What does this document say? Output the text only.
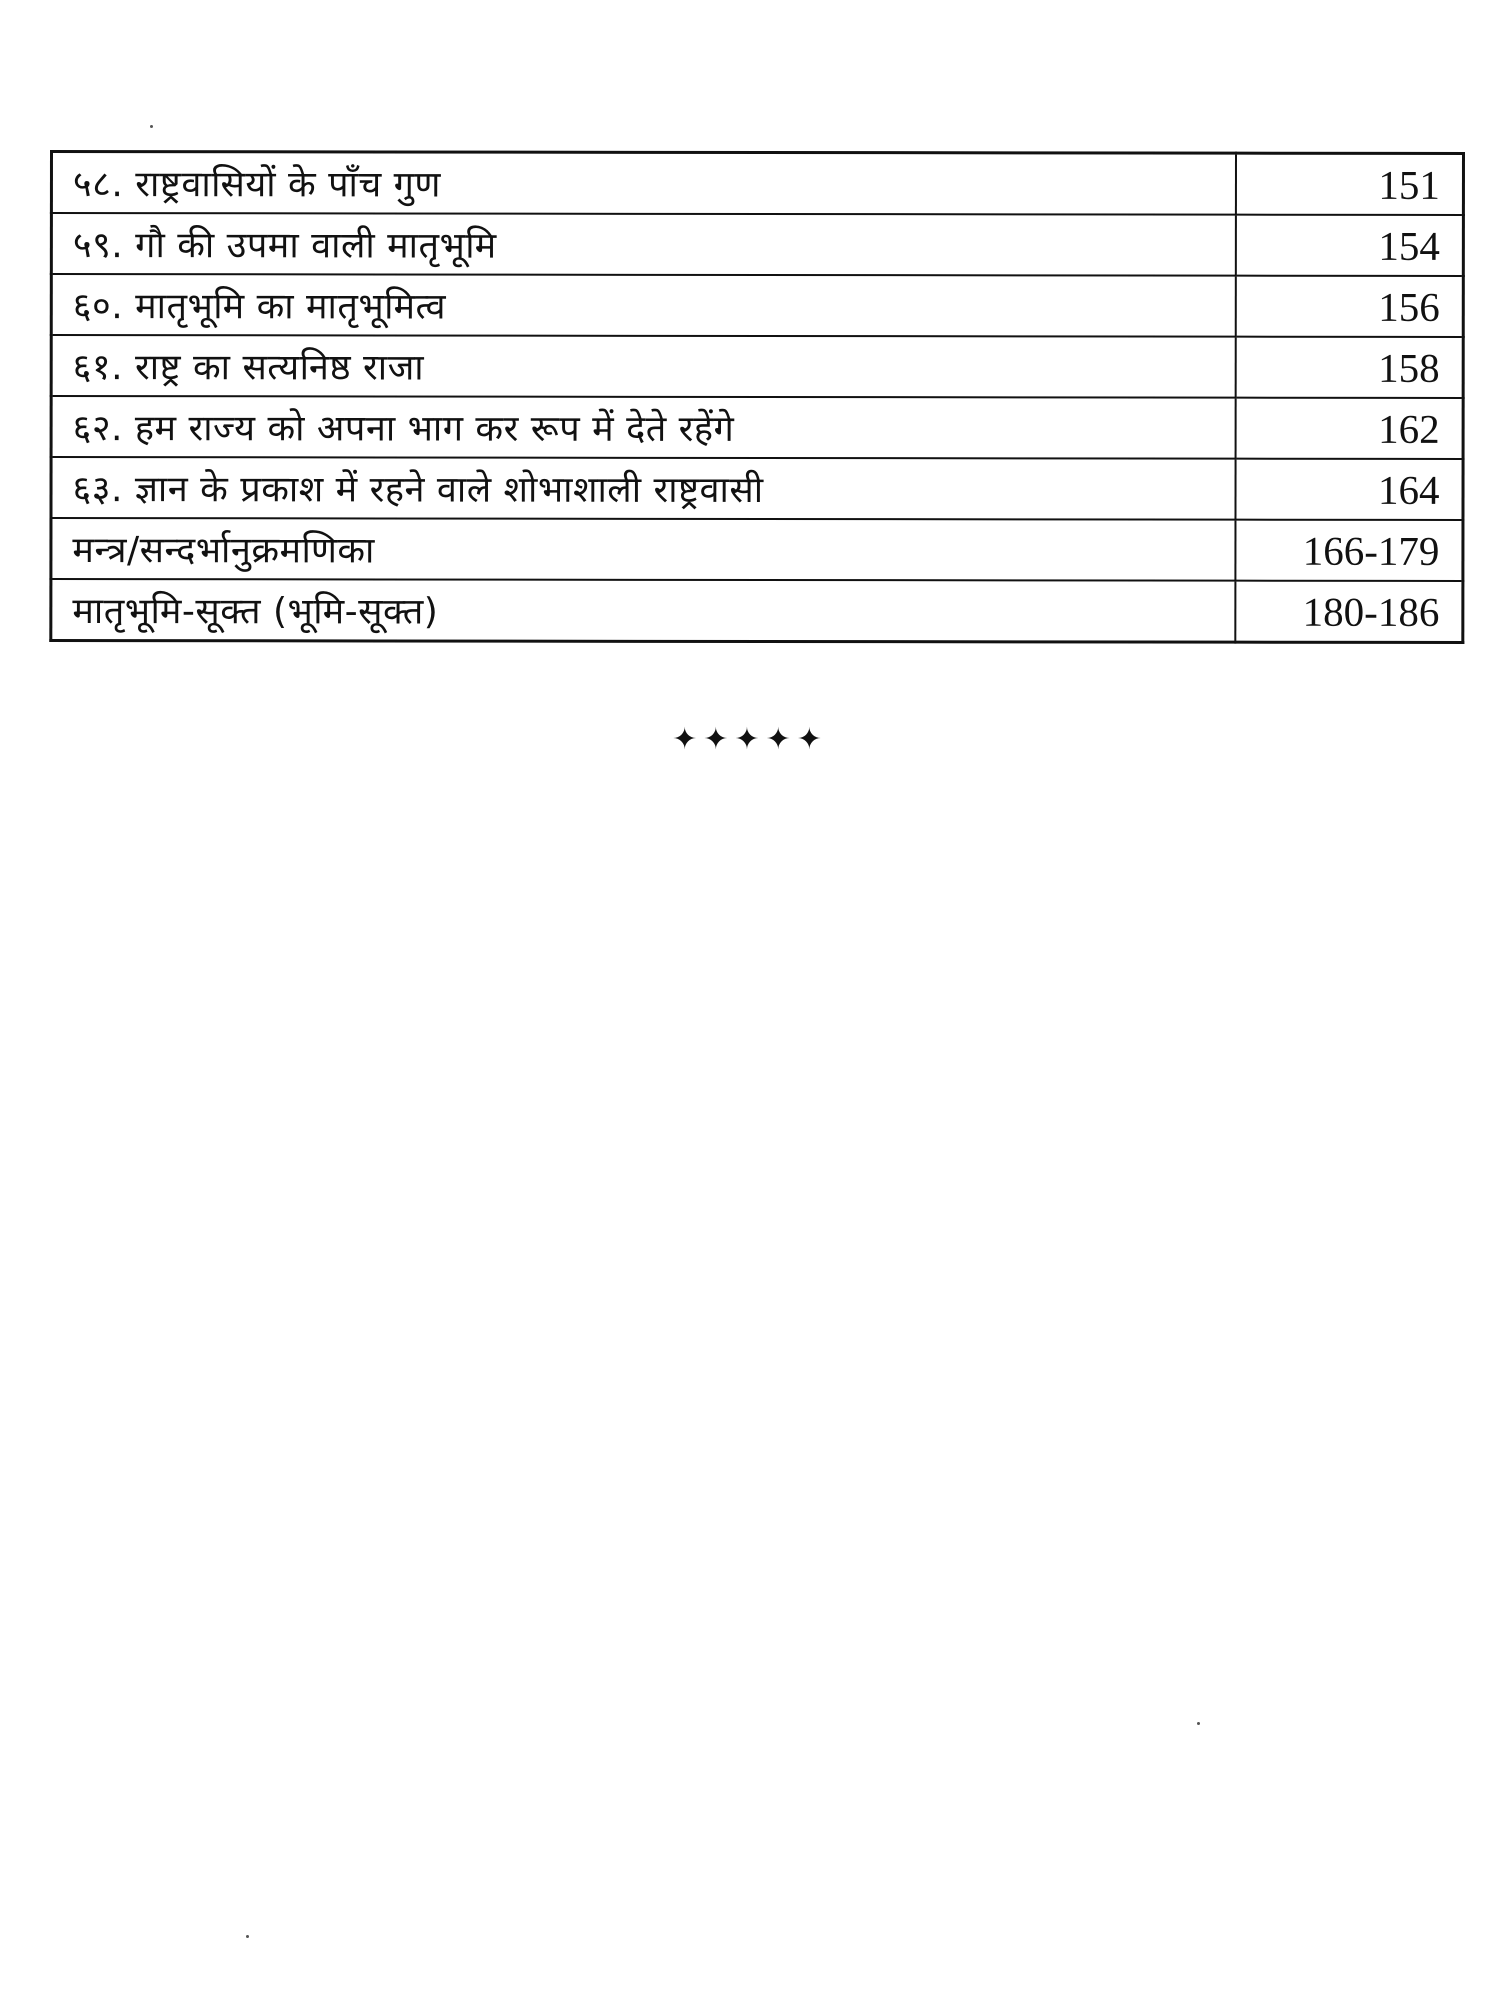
५८. राष्ट्रवासियों के पाँच गुण	151
५९. गौ की उपमा वाली मातृभूमि	154
६०. मातृभूमि का मातृभूमित्व	156
६१. राष्ट्र का सत्यनिष्ठ राजा	158
६२. हम राज्य को अपना भाग कर रूप में देते रहेंगे	162
६३. ज्ञान के प्रकाश में रहने वाले शोभाशाली राष्ट्रवासी	164
मन्त्र/सन्दर्भानुक्रमणिका	166-179
मातृभूमि-सूक्त (भूमि-सूक्त)	180-186
✦✦✦✦✦
